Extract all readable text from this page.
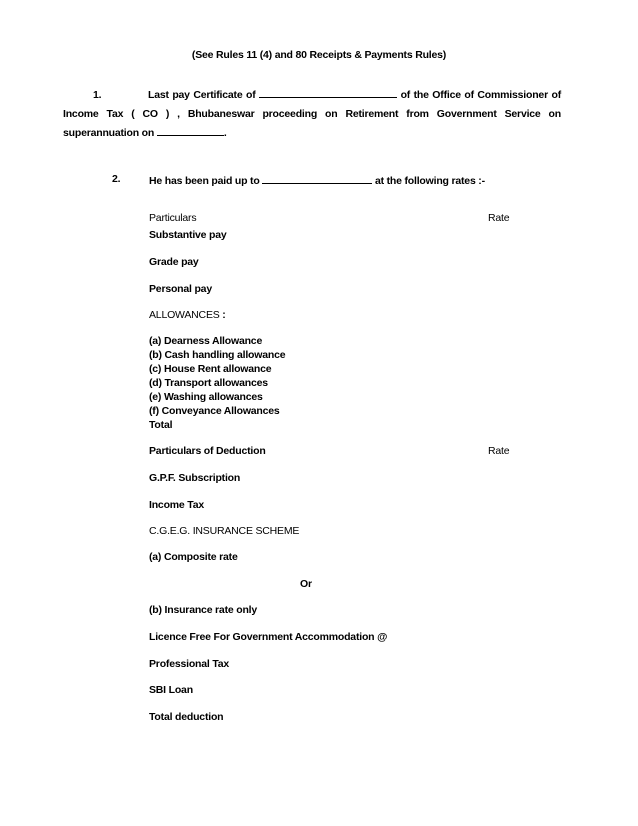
(See Rules 11 (4) and 80 Receipts & Payments Rules)
1.	Last pay Certificate of	of the Office of Commissioner of Income Tax ( CO ) , Bhubaneswar proceeding on Retirement from Government Service on superannuation on	.
2.	He has been paid up to	at the following rates :-
Particulars	Rate
Substantive pay
Grade pay
Personal pay
ALLOWANCES :
(a) Dearness Allowance
(b) Cash handling allowance
(c) House Rent allowance
(d) Transport allowances
(e) Washing allowances
(f) Conveyance Allowances
Total
Particulars of Deduction	Rate
G.P.F. Subscription
Income Tax
C.G.E.G. INSURANCE SCHEME
(a) Composite rate
Or
(b) Insurance rate only
Licence Free For Government Accommodation @
Professional Tax
SBI Loan
Total deduction
